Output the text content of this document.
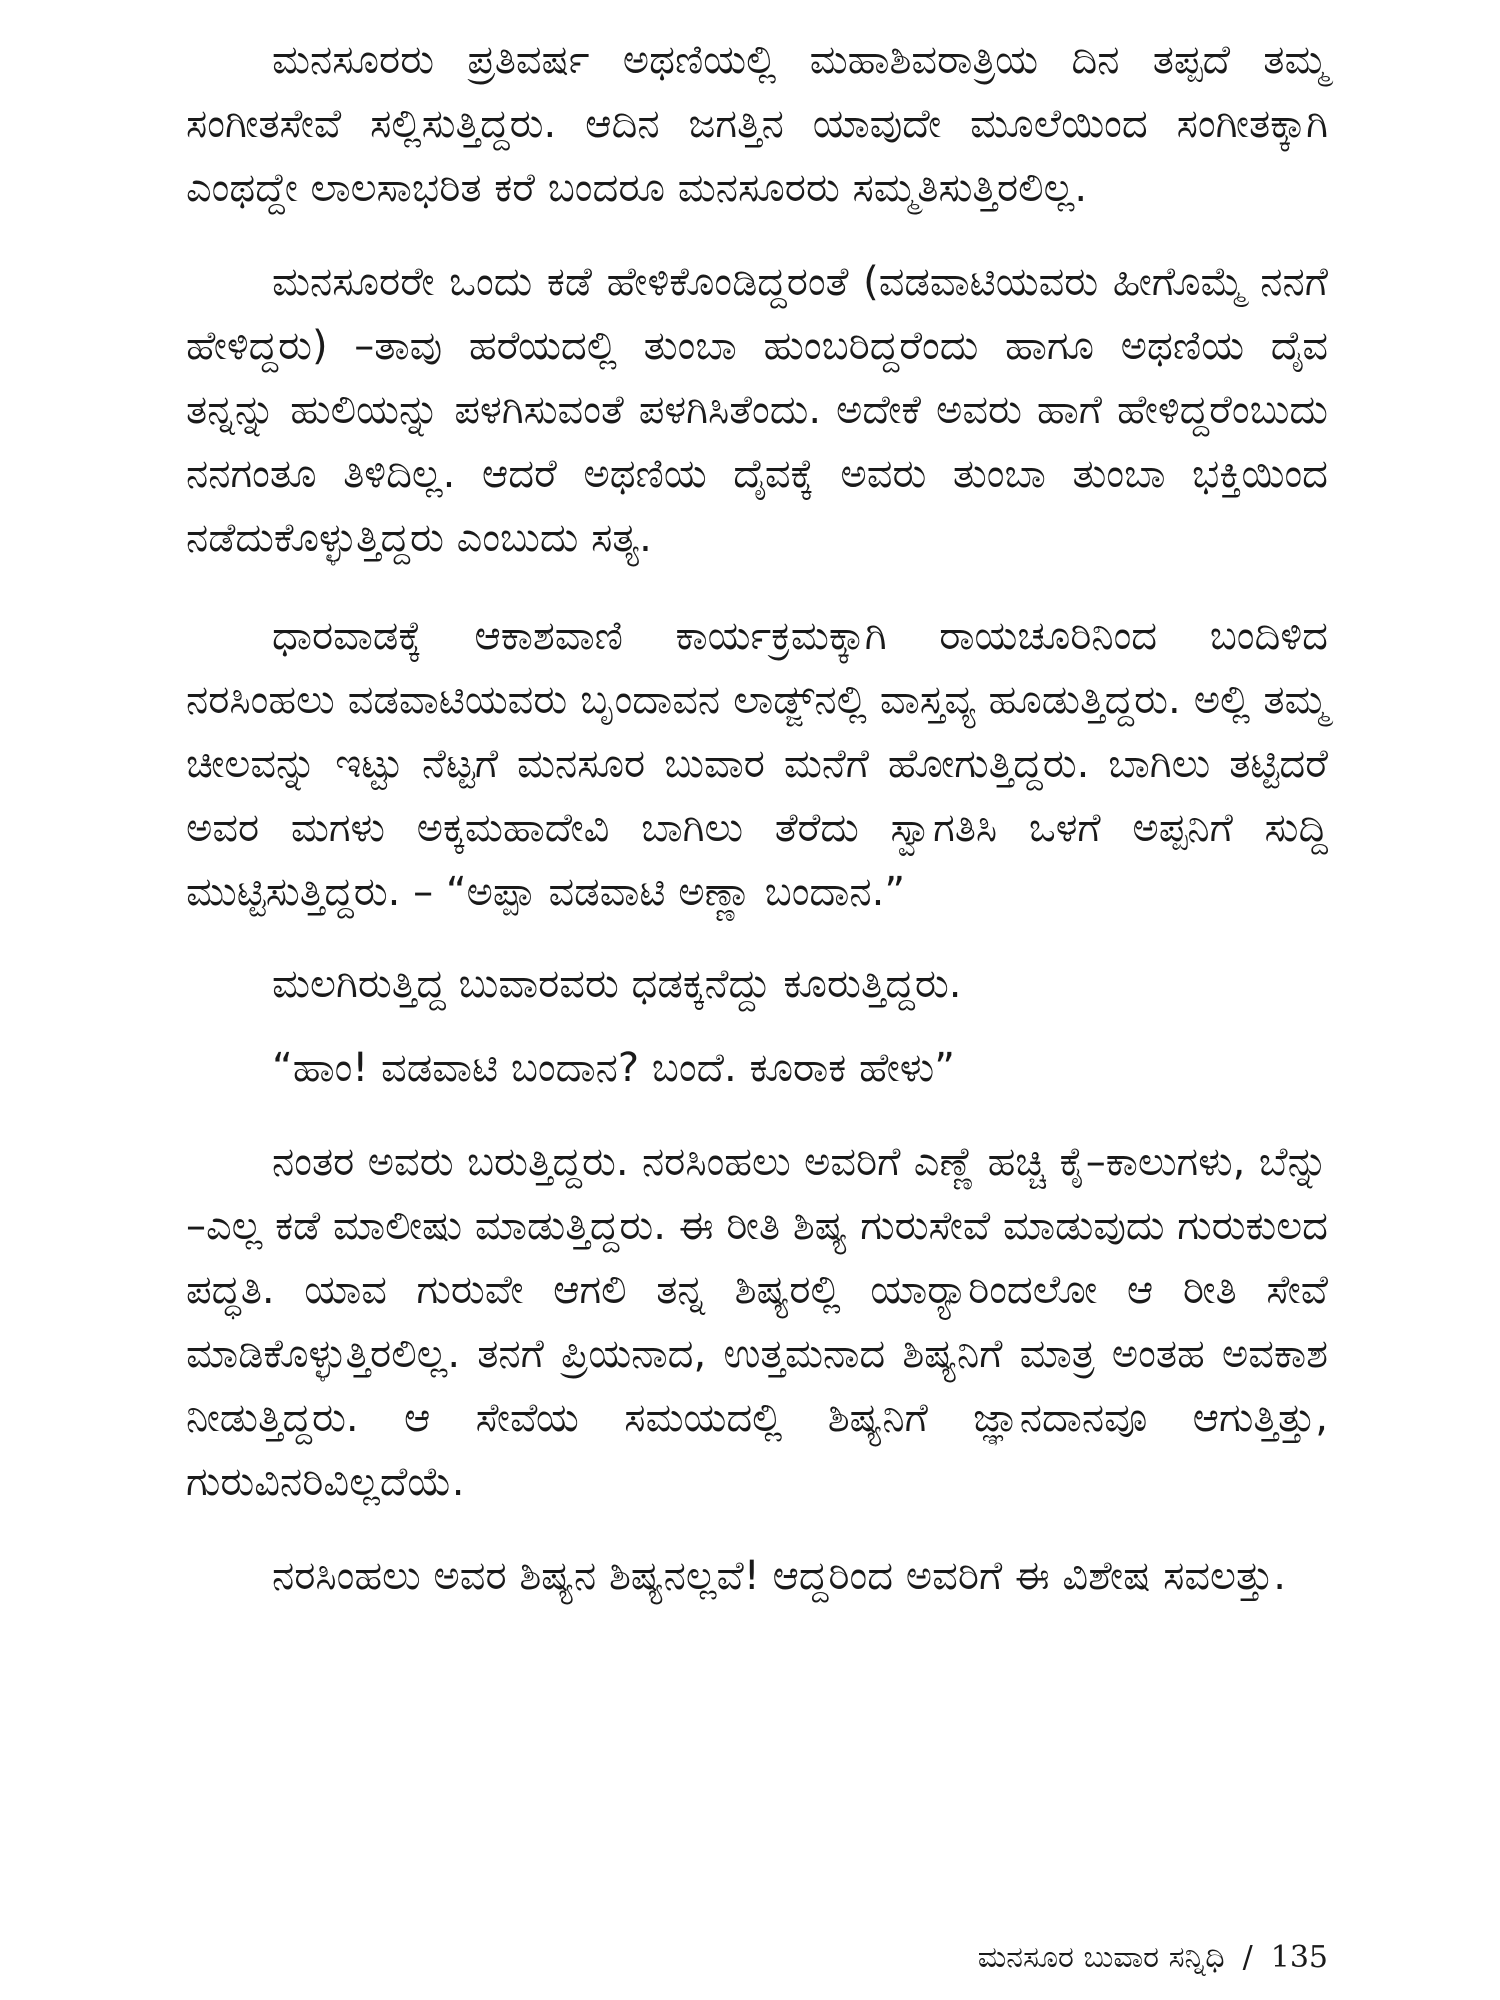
ಮನಸೂರರು ಪ್ರತಿವರ್ಷ ಅಥಣಿಯಲ್ಲಿ ಮಹಾಶಿವರಾತ್ರಿಯ ದಿನ ತಪ್ಪದೆ ತಮ್ಮ ಸಂಗೀತಸೇವೆ ಸಲ್ಲಿಸುತ್ತಿದ್ದರು. ಆದಿನ ಜಗತ್ತಿನ ಯಾವುದೇ ಮೂಲೆಯಿಂದ ಸಂಗೀತಕ್ಕಾಗಿ ಎಂಥದ್ದೇ ಲಾಲಸಾಭರಿತ ಕರೆ ಬಂದರೂ ಮನಸೂರರು ಸಮ್ಮತಿಸುತ್ತಿರಲಿಲ್ಲ.

ಮನಸೂರರೇ ಒಂದು ಕಡೆ ಹೇಳಿಕೊಂಡಿದ್ದರಂತೆ (ವಡವಾಟಿಯವರು ಹೀಗೊಮ್ಮೆ ನನಗೆ ಹೇಳಿದ್ದರು) –ತಾವು ಹರೆಯದಲ್ಲಿ ತುಂಬಾ ಹುಂಬರಿದ್ದರೆಂದು ಹಾಗೂ ಅಥಣಿಯ ದೈವ ತನ್ನನ್ನು ಹುಲಿಯನ್ನು ಪಳಗಿಸುವಂತೆ ಪಳಗಿಸಿತೆಂದು. ಅದೇಕೆ ಅವರು ಹಾಗೆ ಹೇಳಿದ್ದರೆಂಬುದು ನನಗಂತೂ ತಿಳಿದಿಲ್ಲ. ಆದರೆ ಅಥಣಿಯ ದೈವಕ್ಕೆ ಅವರು ತುಂಬಾ ತುಂಬಾ ಭಕ್ತಿಯಿಂದ ನಡೆದುಕೊಳ್ಳುತ್ತಿದ್ದರು ಎಂಬುದು ಸತ್ಯ.

ಧಾರವಾಡಕ್ಕೆ ಆಕಾಶವಾಣಿ ಕಾರ್ಯಕ್ರಮಕ್ಕಾಗಿ ರಾಯಚೂರಿನಿಂದ ಬಂದಿಳಿದ ನರಸಿಂಹಲು ವಡವಾಟಿಯವರು ಬೃಂದಾವನ ಲಾಡ್ಜ್‌ನಲ್ಲಿ ವಾಸ್ತವ್ಯ ಹೂಡುತ್ತಿದ್ದರು. ಅಲ್ಲಿ ತಮ್ಮ ಚೀಲವನ್ನು ಇಟ್ಟು ನೆಟ್ಟಗೆ ಮನಸೂರ ಬುವಾರ ಮನೆಗೆ ಹೋಗುತ್ತಿದ್ದರು. ಬಾಗಿಲು ತಟ್ಟಿದರೆ ಅವರ ಮಗಳು ಅಕ್ಕಮಹಾದೇವಿ ಬಾಗಿಲು ತೆರೆದು ಸ್ವಾಗತಿಸಿ ಒಳಗೆ ಅಪ್ಪನಿಗೆ ಸುದ್ದಿ ಮುಟ್ಟಿಸುತ್ತಿದ್ದರು. – “ಅಪ್ಪಾ ವಡವಾಟಿ ಅಣ್ಣಾ ಬಂದಾನ.”

ಮಲಗಿರುತ್ತಿದ್ದ ಬುವಾರವರು ಧಡಕ್ಕನೆದ್ದು ಕೂರುತ್ತಿದ್ದರು.

“ಹಾಂ! ವಡವಾಟಿ ಬಂದಾನ? ಬಂದೆ. ಕೂರಾಕ ಹೇಳು”

ನಂತರ ಅವರು ಬರುತ್ತಿದ್ದರು. ನರಸಿಂಹಲು ಅವರಿಗೆ ಎಣ್ಣೆ ಹಚ್ಚಿ ಕೈ–ಕಾಲುಗಳು, ಬೆನ್ನು –ಎಲ್ಲ ಕಡೆ ಮಾಲೀಷು ಮಾಡುತ್ತಿದ್ದರು. ಈ ರೀತಿ ಶಿಷ್ಯ ಗುರುಸೇವೆ ಮಾಡುವುದು ಗುರುಕುಲದ ಪದ್ಧತಿ. ಯಾವ ಗುರುವೇ ಆಗಲಿ ತನ್ನ ಶಿಷ್ಯರಲ್ಲಿ ಯಾರ್‍ಯಾರಿಂದಲೋ ಆ ರೀತಿ ಸೇವೆ ಮಾಡಿಕೊಳ್ಳುತ್ತಿರಲಿಲ್ಲ. ತನಗೆ ಪ್ರಿಯನಾದ, ಉತ್ತಮನಾದ ಶಿಷ್ಯನಿಗೆ ಮಾತ್ರ ಅಂತಹ ಅವಕಾಶ ನೀಡುತ್ತಿದ್ದರು. ಆ ಸೇವೆಯ ಸಮಯದಲ್ಲಿ ಶಿಷ್ಯನಿಗೆ ಜ್ಞಾನದಾನವೂ ಆಗುತ್ತಿತ್ತು, ಗುರುವಿನರಿವಿಲ್ಲದೆಯೆ.

ನರಸಿಂಹಲು ಅವರ ಶಿಷ್ಯನ ಶಿಷ್ಯನಲ್ಲವೆ! ಆದ್ದರಿಂದ ಅವರಿಗೆ ಈ ವಿಶೇಷ ಸವಲತ್ತು.

ಮನಸೂರ ಬುವಾರ ಸನ್ನಿಧಿ / 135
